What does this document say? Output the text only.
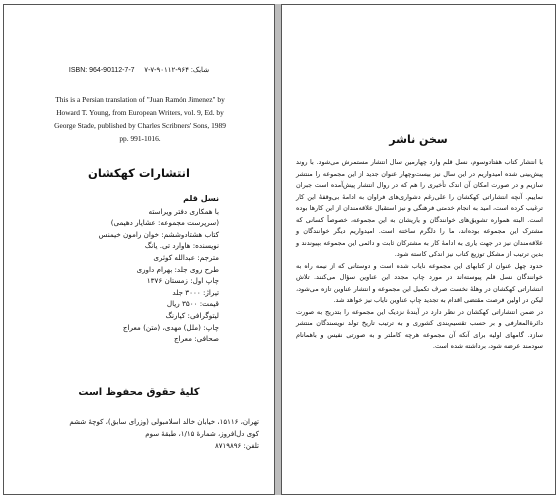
ISBN: 964-90112-7-7 شابک: ۹۶۴-۹۰۱۱۲-۷-۷
This is a Persian translation of "Juan Ramón Jimenez" by
Howard T. Young, from European Writers, vol. 9, Ed. by
George Stade, published by Charles Scribners' Sons, 1989
pp. 991-1016.
انتشارات کهکشان
نسل قلم
با همکاری دفتر ویراسته
(سرپرست مجموعه: عشایار دهیمی)
کتاب هشتادوششم: خوان رامون خیمنس
نویسنده: هاوارد تی. یانگ
مترجم: عبدالله کوثری
طرح روی جلد: بهرام داوری
چاپ اول: زمستان ۱۳۷۶
تیراژ: ۳۰۰۰ جلد
قیمت: ۳۵۰۰ ریال
لیتوگرافی: کیارنگ
چاپ: (ملل) مهدی، (متن) معراج
صحافی: معراج
کلیهٔ حقوق محفوظ است
تهران، ۱۵۱۱۶، خیابان خالد اسلامبولی (وزرای سابق)، کوچهٔ ششم
کوی دل‌افروز، شمارهٔ ۱/۱۵، طبقهٔ سوم
تلفن: ۸۷۱۹۸۹۶
سخن ناشر

با انتشار کتاب هفتادوسوم، نسل قلم وارد چهارمین سال انتشار مستمرش می‌شود. با روند پیش‌بینی شده امیدواریم در این سال نیز بیست‌وچهار عنوان جدید از این مجموعه را منتشر سازیم و در صورت امکان آن اندک تأخیری را هم که در روال انتشار پیش‌آمده است جبران نماییم. آنچه انتشاراتی کهکشان را علی‌رغم دشواری‌های فراوان به ادامهٔ بی‌وقفهٔ این کار ترغیب کرده است، امید به انجام خدمتی فرهنگی و نیز استقبال علاقه‌مندان از این کارها بوده است. البته همواره تشویق‌های خوانندگان و یاریشان به این مجموعه، خصوصاً کسانی که مشترک این مجموعه بوده‌اند، ما را دلگرم ساخته است. امیدواریم دیگر خوانندگان و علاقه‌مندان نیز در جهت یاری به ادامهٔ کار به مشترکان ثابت و دائمی این مجموعه بپیوندند و بدین ترتیب از مشکل توزیع کتاب نیز اندکی کاسته شود.

حدود چهل عنوان از کتابهای این مجموعه نایاب شده است و دوستانی که از نیمه راه به خوانندگان نسل قلم پیوسته‌اند در مورد چاپ مجدد این عناوین سؤال می‌کنند. تلاش انتشاراتی کهکشان در وهلهٔ نخست صرف تکمیل این مجموعه و انتشار عناوین تازه می‌شود، لیکن در اولین فرصت مقتضی اقدام به تجدید چاپ عناوین نایاب نیز خواهد شد.

در ضمن انتشاراتی کهکشان در نظر دارد در آیندهٔ نزدیک این مجموعه را بتدریج به صورت دائرةالمعارفی و بر حسب تقسیم‌بندی کشوری و به ترتیب تاریخ تولد نویسندگان منتشر سازد. گامهای اولیه برای آنکه آن مجموعه هرچه کاملتر و به صورتی نفیس و باهمانام سودمند عرضه شود، برداشته شده است.
